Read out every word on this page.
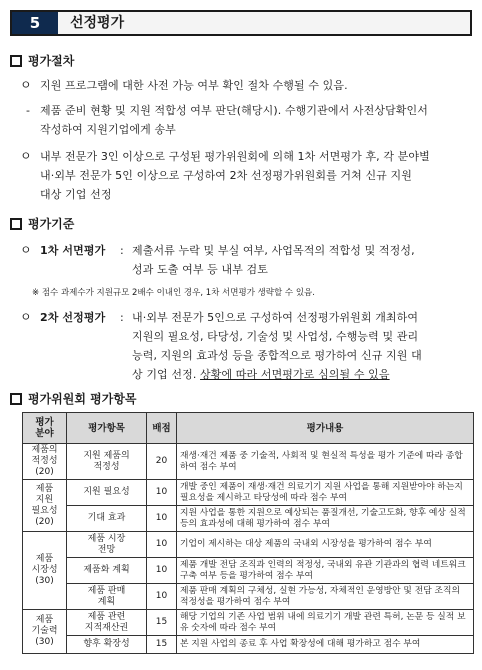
5	선정평가
평가절차
ㅇ 지원 프로그램에 대한 사전 가능 여부 확인 절차 수행될 수 있음.
- 제품 준비 현황 및 지원 적합성 여부 판단(해당시). 수행기관에서 사전상담확인서
작성하여 지원기업에게 송부
ㅇ 내부 전문가 3인 이상으로 구성된 평가위원회에 의해 1차 서면평가 후, 각 분야별
내·외부 전문가 5인 이상으로 구성하여 2차 선정평가위원회를 거쳐 신규 지원
대상 기업 선정
평가기준
ㅇ 1차 서면평가 : 제출서류 누락 및 부실 여부, 사업목적의 적합성 및 적정성,
성과 도출 여부 등 내부 검토
※ 점수 과제수가 지원규모 2배수 이내인 경우, 1차 서면평가 생략할 수 있음.
ㅇ 2차 선정평가 : 내·외부 전문가 5인으로 구성하여 선정평가위원회 개최하여
지원의 필요성, 타당성, 기술성 및 사업성, 수행능력 및 관리
능력, 지원의 효과성 등을 종합적으로 평가하여 신규 지원 대
상 기업 선정. 상황에 따라 서면평가로 심의될 수 있음
평가위원회 평가항목
평가
분야	평가항목	배점	평가내용
제품의
적정성
(20)	지원 제품의
적정성	20	재생·재건 제품 중 기술적, 사회적 및 현실적 특성을 평가 기준에 따라 종합하여 점수 부여
제품
지원
필요성
(20)	지원 필요성	10	개발 중인 제품이 재생·재건 의료기기 지원 사업을 통해 지원받아야 하는지 필요성을 제시하고 타당성에 따라 점수 부여
	기대 효과	10	지원 사업을 통한 지원으로 예상되는 품질개선, 기술고도화, 향후 예상 실적 등의 효과성에 대해 평가하여 점수 부여
제품
시장성
(30)	제품 시장
전망	10	기업이 제시하는 대상 제품의 국내외 시장성을 평가하여 점수 부여
	제품화 계획	10	제품 개발 전담 조직과 인력의 적정성, 국내외 유관 기관과의 협력 네트워크 구축 여부 등을 평가하여 점수 부여
	제품 판매
계획	10	제품 판매 계획의 구체성, 실현 가능성, 자체적인 운영방안 및 전담 조직의 적정성을 평가하여 점수 부여
제품
기술력
(30)	제품 관련
지적재산권	15	해당 기업의 기존 사업 범위 내에 의료기기 개발 관련 특허, 논문 등 실적 보유 숫자에 따라 점수 부여
	향후 확장성	15	본 지원 사업의 종료 후 사업 확장성에 대해 평가하고 점수 부여
